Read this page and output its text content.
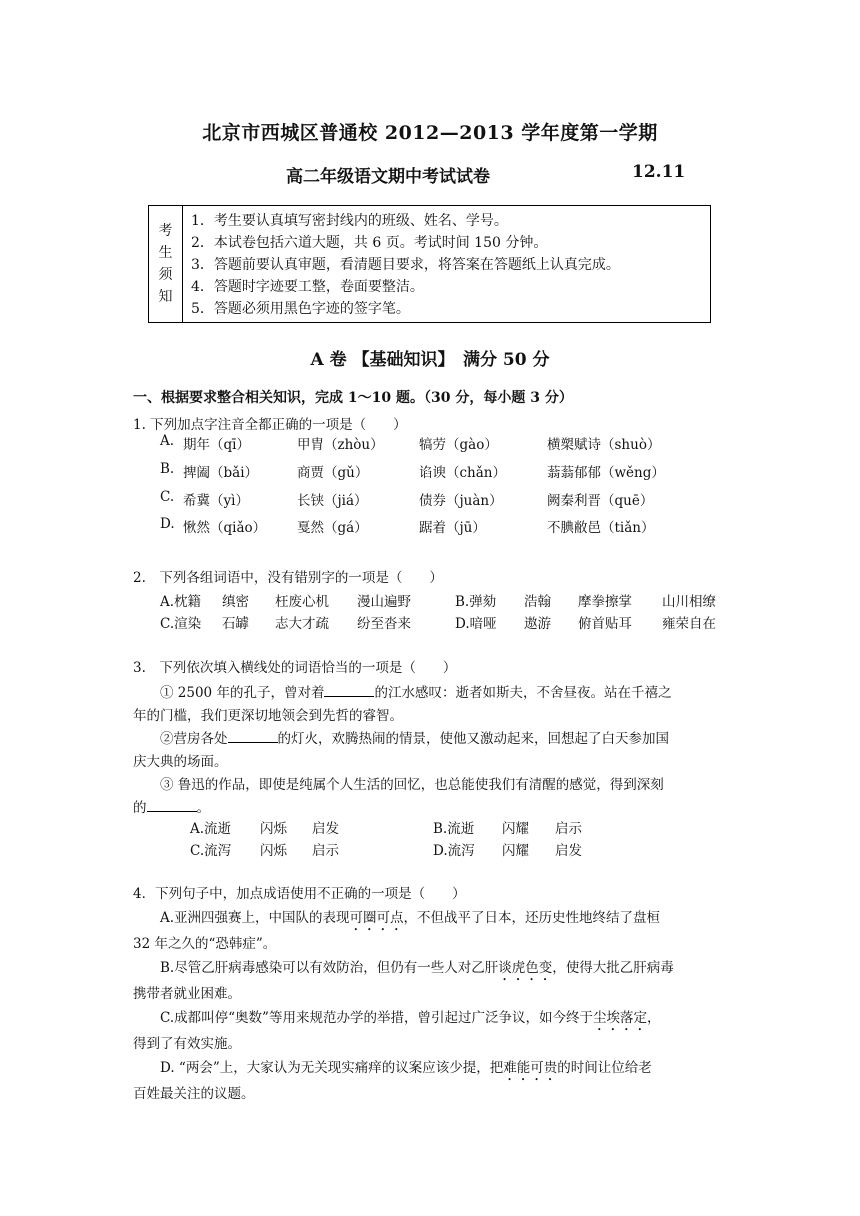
北京市西城区普通校 2012—2013 学年度第一学期
高二年级语文期中考试试卷	12.11
考
生
须
知
1．考生要认真填写密封线内的班级、姓名、学号。
2．本试卷包括六道大题，共 6 页。考试时间 150 分钟。
3．答题前要认真审题，看清题目要求，将答案在答题纸上认真完成。
4．答题时字迹要工整，卷面要整洁。
5．答题必须用黑色字迹的签字笔。
A 卷 【基础知识】　满分 50 分
一、根据要求整合相关知识，完成 1～10 题。（30 分，每小题 3 分）
1. 下列加点字注音全都正确的一项是（　　）
A. 期年（qī）	甲胄（zhòu）	犒劳（gào）	横槊赋诗（shuò）
B. 捭阖（bǎi）	商贾（gǔ）	谄谀（chǎn）	蓊蓊郁郁（wěng）
C. 希冀（yì）	长铗（jiá）	债券（juàn）	阙秦利晋（quē）
D. 愀然（qiǎo） 戛然（gá）	踞着（jū）	不腆敝邑（tiǎn）
2.　下列各组词语中，没有错别字的一项是（　　）
A.枕籍 缜密 枉废心机 漫山遍野	B.弹劾 浩翰 摩拳擦掌 山川相缭
C.渲染 石罅 志大才疏 纷至沓来	D.喑哑 遨游 俯首贴耳 雍荣自在
3.　下列依次填入横线处的词语恰当的一项是（　　）
① 2500 年的孔子，曾对着	的江水感叹：逝者如斯夫，不舍昼夜。站在千禧之
年的门槛，我们更深切地领会到先哲的睿智。
②营房各处	的灯火，欢腾热闹的情景，使他又激动起来，回想起了白天参加国
庆大典的场面。
③ 鲁迅的作品，即使是纯属个人生活的回忆，也总能使我们有清醒的感觉，得到深刻
的	。
A.流逝 闪烁 启发	B.流逝 闪耀 启示
C.流泻 闪烁 启示	D.流泻 闪耀 启发
4．下列句子中，加点成语使用不正确的一项是（　　）
A.亚洲四强赛上，中国队的表现可圈可点，不但战平了日本，还历史性地终结了盘桓
32 年之久的“恐韩症”。
B.尽管乙肝病毒感染可以有效防治，但仍有一些人对乙肝谈虎色变，使得大批乙肝病毒
携带者就业困难。
C.成都叫停“奥数”等用来规范办学的举措，曾引起过广泛争议，如今终于尘埃落定，
得到了有效实施。
D. “两会”上，大家认为无关现实痛痒的议案应该少提，把难能可贵的时间让位给老
百姓最关注的议题。
